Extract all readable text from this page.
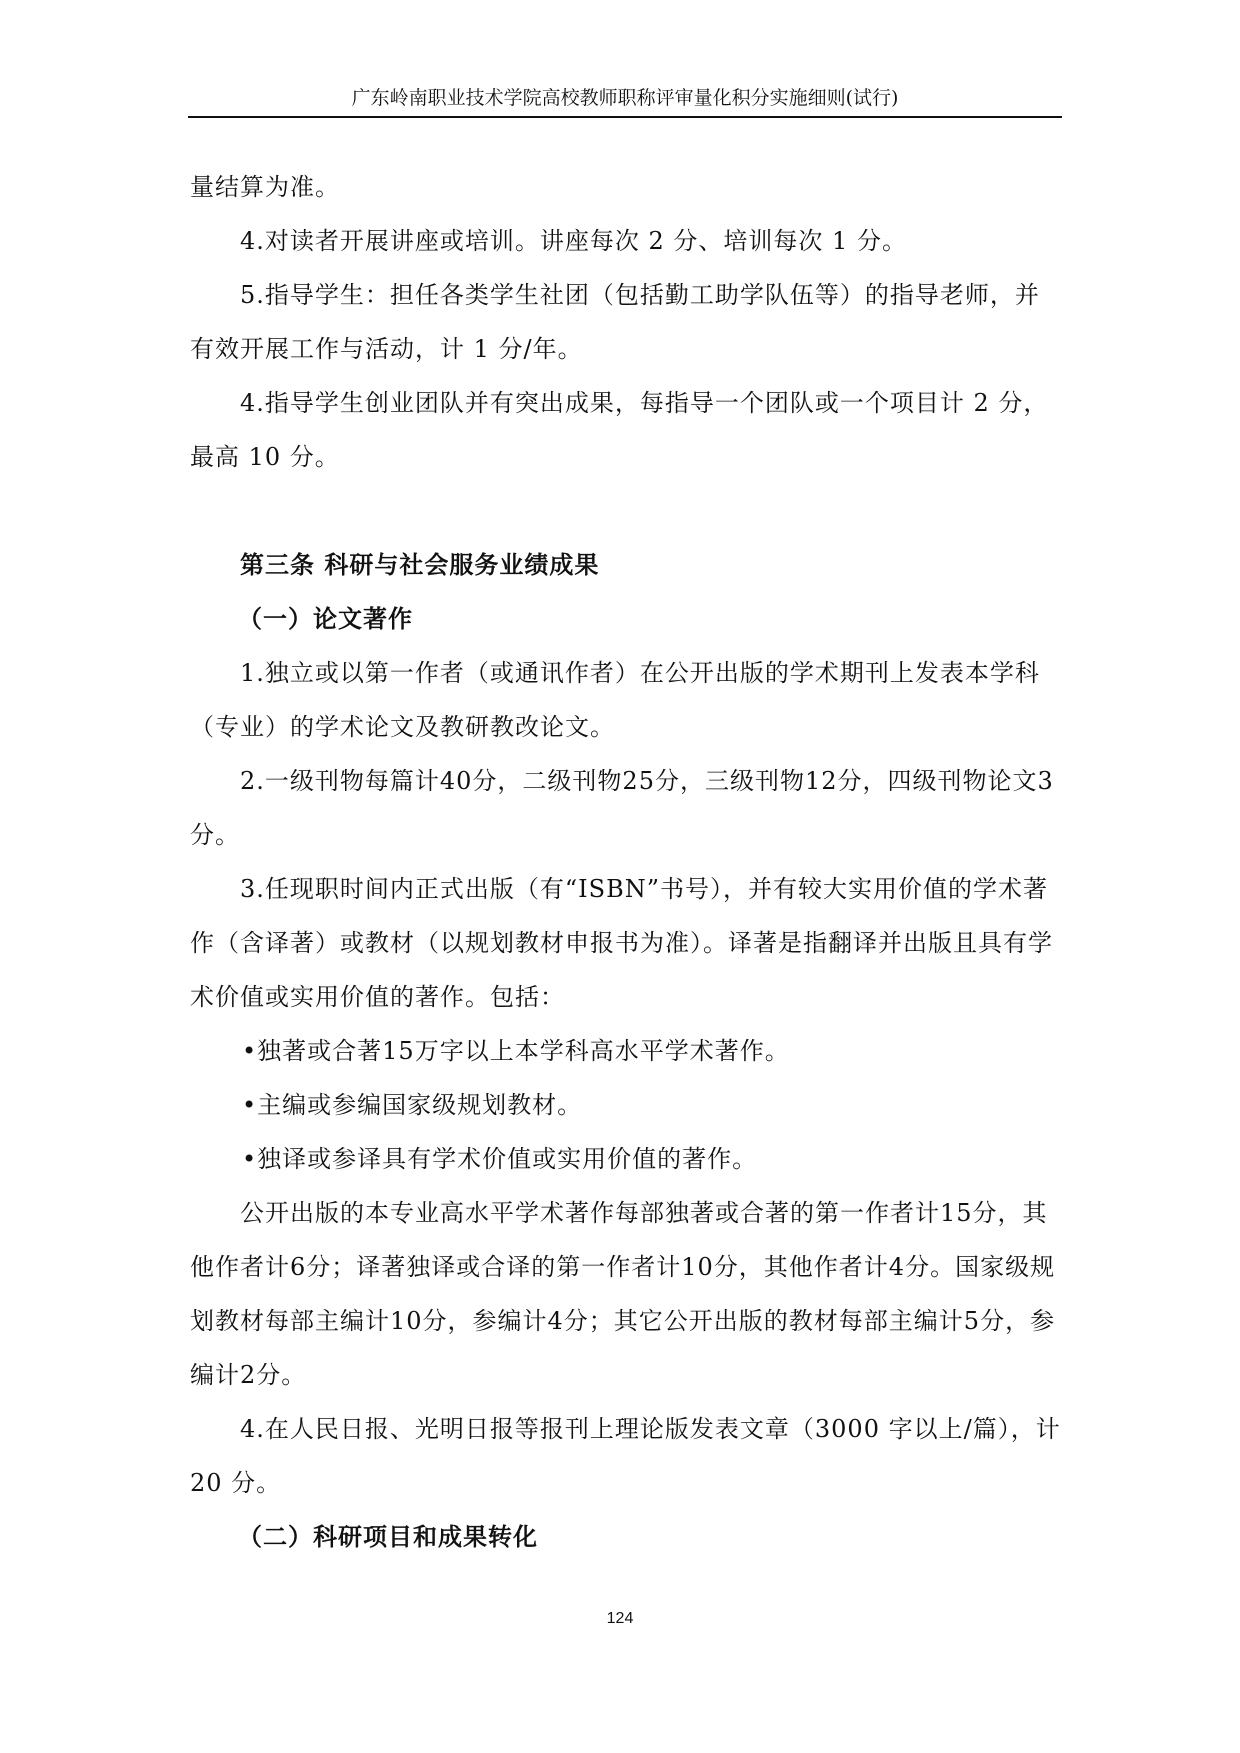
广东岭南职业技术学院高校教师职称评审量化积分实施细则(试行)

量结算为准。

4.对读者开展讲座或培训。讲座每次 2 分、培训每次 1 分。

5.指导学生：担任各类学生社团（包括勤工助学队伍等）的指导老师，并

有效开展工作与活动，计 1 分/年。

4.指导学生创业团队并有突出成果，每指导一个团队或一个项目计 2 分，

最高 10 分。

第三条 科研与社会服务业绩成果

（一）论文著作

1.独立或以第一作者（或通讯作者）在公开出版的学术期刊上发表本学科

（专业）的学术论文及教研教改论文。

2.一级刊物每篇计40分，二级刊物25分，三级刊物12分，四级刊物论文3

分。

3.任现职时间内正式出版（有“ISBN”书号），并有较大实用价值的学术著

作（含译著）或教材（以规划教材申报书为准）。译著是指翻译并出版且具有学

术价值或实用价值的著作。包括：

•独著或合著15万字以上本学科高水平学术著作。

•主编或参编国家级规划教材。

•独译或参译具有学术价值或实用价值的著作。

公开出版的本专业高水平学术著作每部独著或合著的第一作者计15分，其

他作者计6分；译著独译或合译的第一作者计10分，其他作者计4分。国家级规

划教材每部主编计10分，参编计4分；其它公开出版的教材每部主编计5分，参

编计2分。

4.在人民日报、光明日报等报刊上理论版发表文章（3000 字以上/篇），计

20 分。

（二）科研项目和成果转化

124
